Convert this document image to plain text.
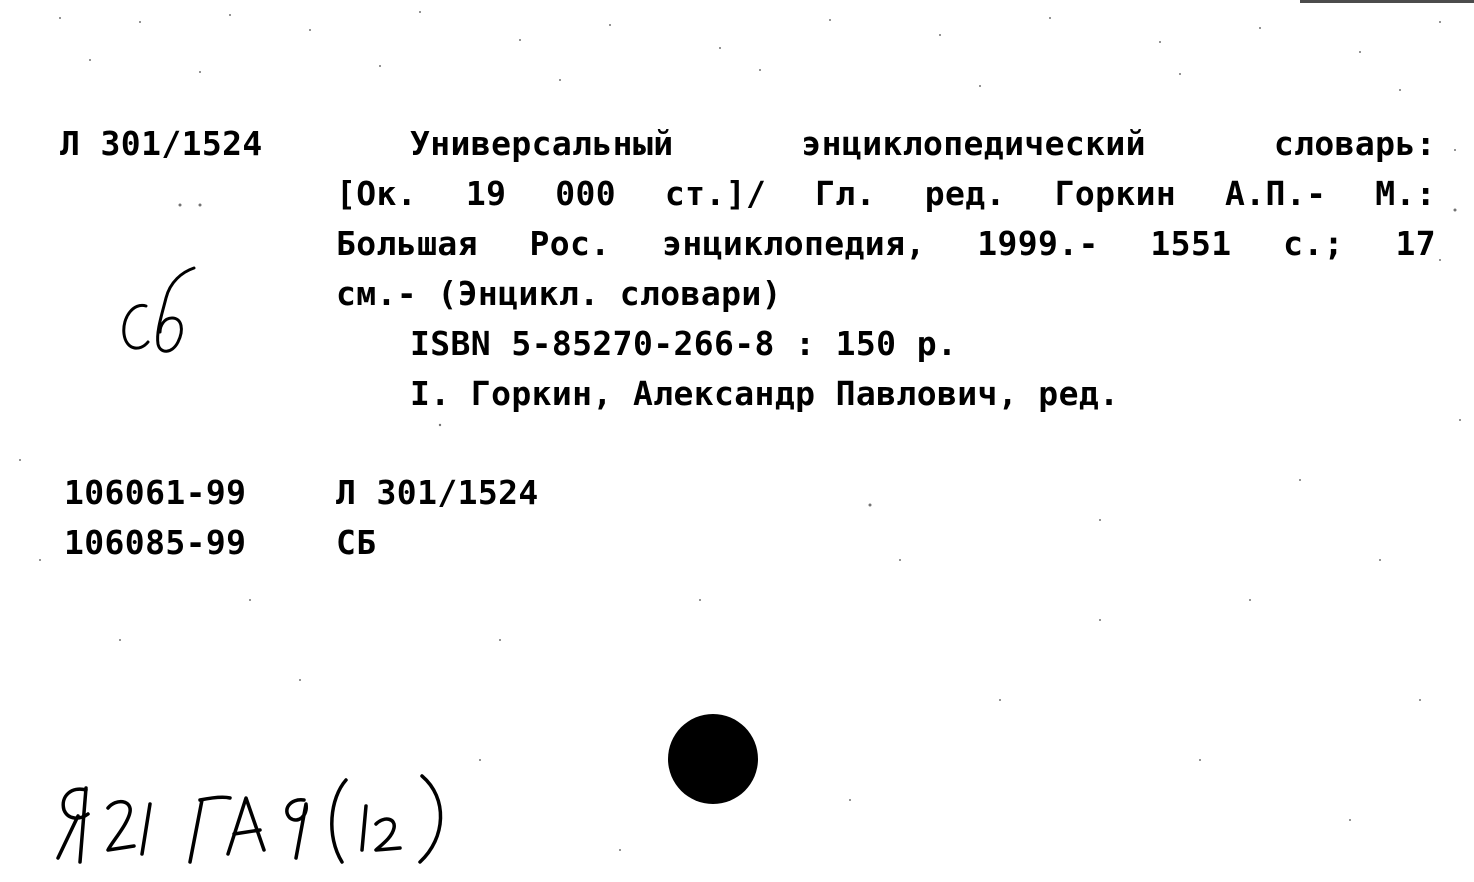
Л 301/1524	Универсальный энциклопедический словарь:
[Ок. 19 000 ст.]/ Гл. ред. Горкин А.П.- М.:
Большая Рос. энциклопедия, 1999.- 1551 с.; 17
см.- (Энцикл. словари)
ISBN 5-85270-266-8 : 150 р.
I. Горкин, Александр Павлович, ред.
106061-99	Л 301/1524
106085-99	СБ
